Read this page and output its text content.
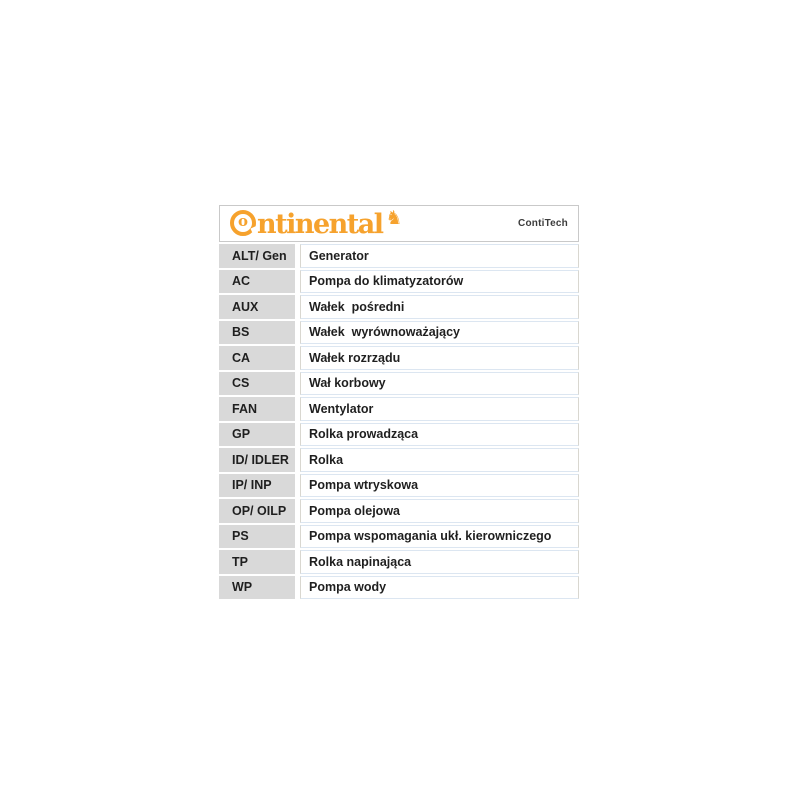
o ntinental ♞	ContiTech
ALT/ Gen	Generator
AC	Pompa do klimatyzatorów
AUX	Wałek  pośredni
BS	Wałek  wyrównoważający
CA	Wałek rozrządu
CS	Wał korbowy
FAN	Wentylator
GP	Rolka prowadząca
ID/ IDLER	Rolka
IP/ INP	Pompa wtryskowa
OP/ OILP	Pompa olejowa
PS	Pompa wspomagania ukł. kierowniczego
TP	Rolka napinająca
WP	Pompa wody
